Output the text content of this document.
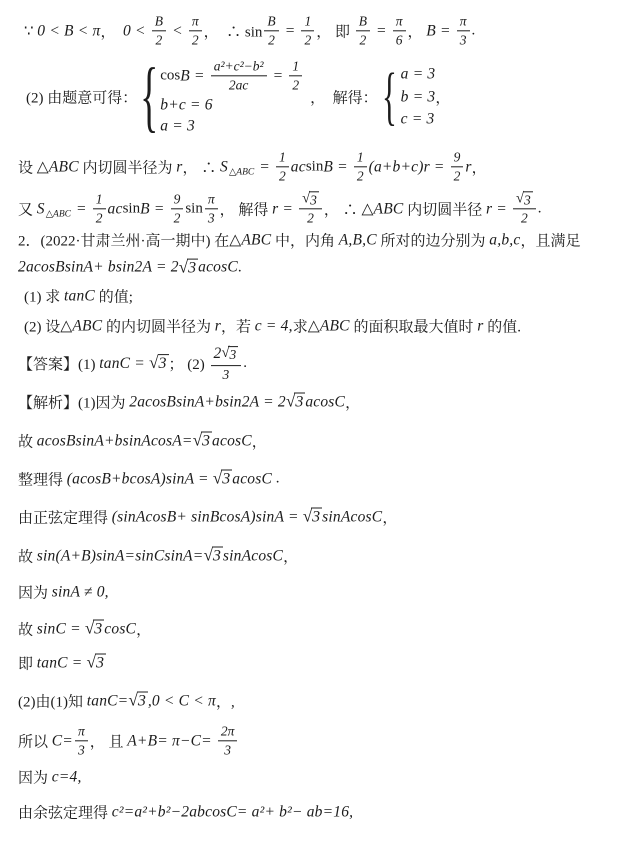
∵ 0 < B < π ， $0 < \frac{B}{2} < \frac{\pi}{2}$ ，  ∴ $\sin \frac{B}{2} = \frac{1}{2}$ ， 即 $\frac{B}{2} = \frac{\pi}{6}$ ， $B = \frac{\pi}{3}$ .
(2) 由题意可得： { $\cos B = \frac{\text{a²+c²−b²}}{2ac} = \frac{1}{2}$
b+c = 6
a = 3
，  解得： { a = 3
b = 3 ，
c = 3
设 △ABC 内切圆半径为 r ， ∴ S △ABC = $\frac{1}{2}$ ac $\sin B = \frac{1}{2} (a+b+c)r = \frac{9}{2}$ r ，
又 S △ABC = $\frac{1}{2}$ ac $\sin B = \frac{9}{2}$ $\sin \frac{\pi}{3}$ ， 解得 $r = \frac{√ 3}{2}$ ， ∴ △ABC 内切圆半径 $r = \frac{√ 3}{2}$ .
2．(2022·甘肃兰州·高一期中) 在 △ABC 中，内角 A,B,C 所对的边分别为 a,b,c ，且满足
2acosBsinA+ bsin2A = 2 √ 3 acosC .
(1) 求 tanC 的值;
(2) 设 △ABC 的内切圆半径为 r ，若 c = 4, 求 △ABC 的面积取最大值时 r 的值.
【答案】(1) tanC = √ 3 ； $(2) \frac{2 √ 3}{3}$ .
【解析】(1)因为 2acosBsinA+bsin2A = 2 √ 3 acosC ，
故 acosBsinA+bsinAcosA= √ 3 acosC ，
整理得 (acosB+bcosA)sinA = √ 3 acosC .
由正弦定理得 (sinAcosB+ sinBcosA)sinA = √ 3 sinAcosC ，
故 sin(A+B)sinA=sinCsinA= √ 3 sinAcosC ，
因为 sinA ≠ 0,
故 sinC = √ 3 cosC ，
即 tanC = √ 3
(2)由(1)知 tanC= √ 3 ,0 < C < π ，,
所以 $C= \frac{\pi}{3}$ ， 且 $A+B= \pi-C= \frac{2\pi}{3}$
因为 c=4,
由余弦定理得 c²=a²+b²−2abcosC= a²+ b²− ab=16,
